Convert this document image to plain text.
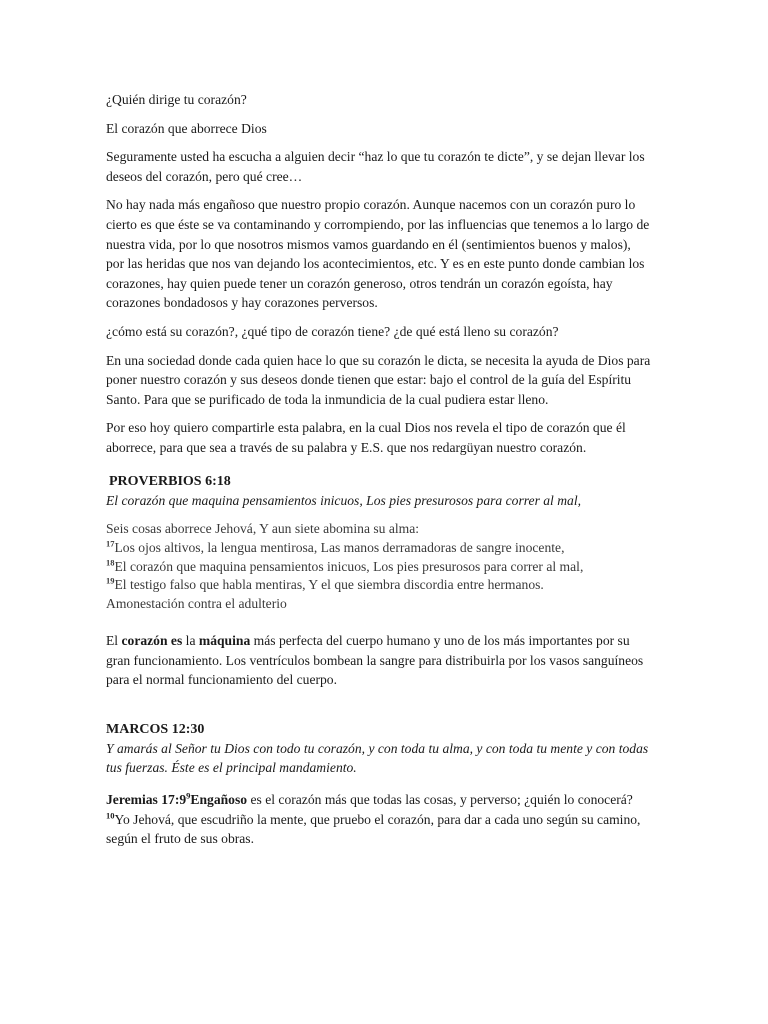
¿Quién dirige tu corazón?

El corazón que aborrece Dios

Seguramente usted ha escucha a alguien decir “haz lo que tu corazón te dicte”, y se dejan llevar los deseos del corazón, pero qué cree…

No hay nada más engañoso que nuestro propio corazón. Aunque nacemos con un corazón puro lo cierto es que éste se va contaminando y corrompiendo, por las influencias que tenemos a lo largo de nuestra vida, por lo que nosotros mismos vamos guardando en él (sentimientos buenos y malos), por las heridas que nos van dejando los acontecimientos, etc. Y es en este punto donde cambian los corazones, hay quien puede tener un corazón generoso, otros tendrán un corazón egoísta, hay corazones bondadosos y hay corazones perversos.

¿cómo está su corazón?, ¿qué tipo de corazón tiene? ¿de qué está lleno su corazón?

En una sociedad donde cada quien hace lo que su corazón le dicta, se necesita la ayuda de Dios para poner nuestro corazón y sus deseos donde tienen que estar: bajo el control de la guía del Espíritu Santo. Para que se purificado de toda la inmundicia de la cual pudiera estar lleno.

Por eso hoy quiero compartirle esta palabra, en la cual Dios nos revela el tipo de corazón que él aborrece, para que sea a través de su palabra y E.S. que nos redargüyan nuestro corazón.

PROVERBIOS 6:18
El corazón que maquina pensamientos inicuos, Los pies presurosos para correr al mal,
Seis cosas aborrece Jehová, Y aun siete abomina su alma:
$^{17}$Los ojos altivos, la lengua mentirosa, Las manos derramadoras de sangre inocente,
$^{18}$El corazón que maquina pensamientos inicuos, Los pies presurosos para correr al mal,
$^{19}$El testigo falso que habla mentiras, Y el que siembra discordia entre hermanos.
Amonestación contra el adulterio

El corazón es la máquina más perfecta del cuerpo humano y uno de los más importantes por su gran funcionamiento. Los ventrículos bombean la sangre para distribuirla por los vasos sanguíneos para el normal funcionamiento del cuerpo.

MARCOS 12:30
Y amarás al Señor tu Dios con todo tu corazón, y con toda tu alma, y con toda tu mente y con todas tus fuerzas. Éste es el principal mandamiento.
Jeremias $17:9^9Engañoso$ es el corazón más que todas las cosas, y perverso; ¿quién lo conocerá?
$^{10}$Yo Jehová, que escudriño la mente, que pruebo el corazón, para dar a cada uno según su camino, según el fruto de sus obras.
